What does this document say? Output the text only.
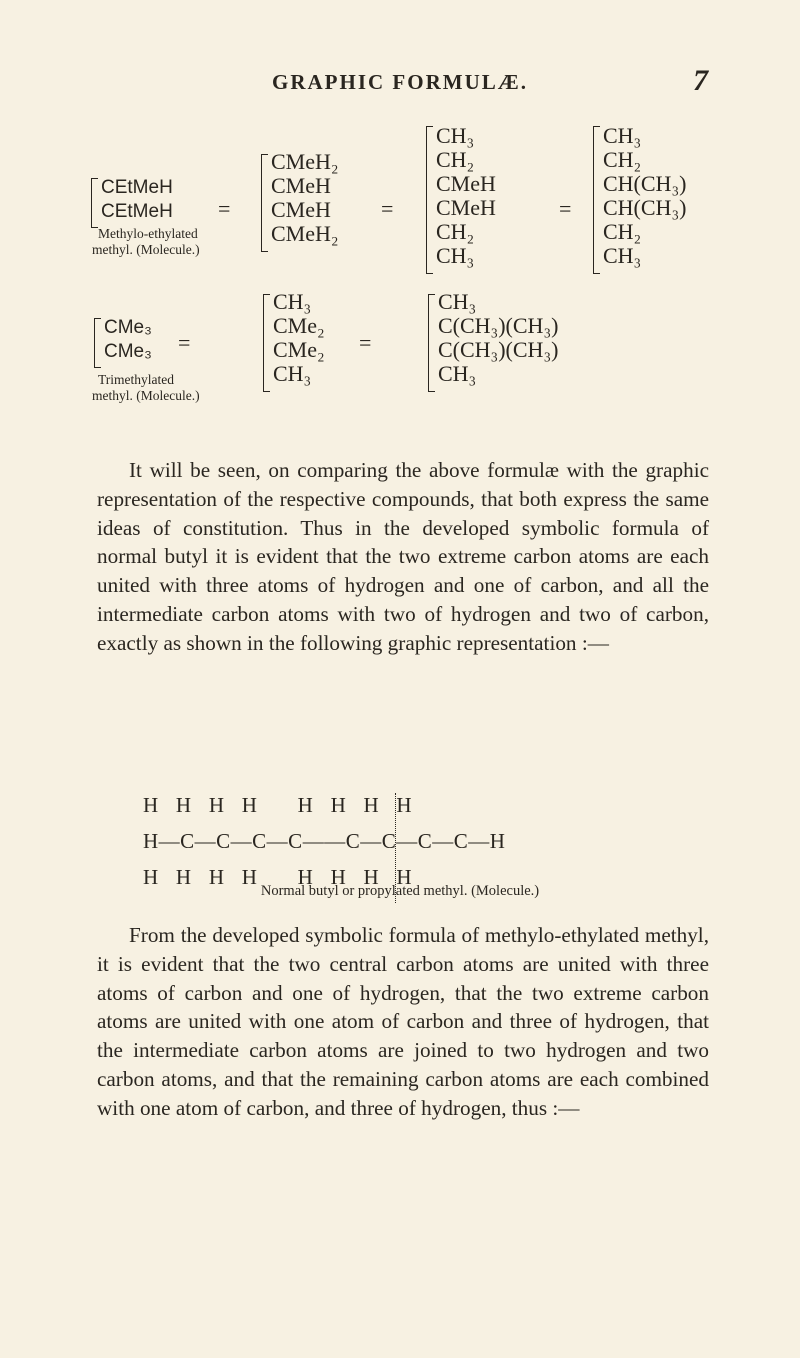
GRAPHIC FORMULÆ.	7
CEtMeH
CEtMeH
Methylo-ethylated
methyl. (Molecule.)
=
CMeH₂
CMeH
CMeH
CMeH₂
=
CH₃
CH₂
CMeH
CMeH
CH₂
CH₃
=
CH₃
CH₂
CH(CH₃)
CH(CH₃)
CH₂
CH₃
CMe₃
CMe₃
Trimethylated
methyl. (Molecule.)
=
CH₃
CMe₂
CMe₂
CH₃
=
CH₃
C(CH₃)(CH₃)
C(CH₃)(CH₃)
CH₃

It will be seen, on comparing the above formulæ with the graphic representation of the respective compounds, that both express the same ideas of constitution. Thus in the developed symbolic formula of normal butyl it is evident that the two extreme carbon atoms are each united with three atoms of hydrogen and one of carbon, and all the intermediate carbon atoms with two of hydrogen and two of carbon, exactly as shown in the following graphic representation :—

H   H   H   H       H   H   H   H
H—C—C—C—C——C—C—C—C—H
H   H   H   H       H   H   H   H
Normal butyl or propylated methyl. (Molecule.)

From the developed symbolic formula of methylo-ethylated methyl, it is evident that the two central carbon atoms are united with three atoms of carbon and one of hydrogen, that the two extreme carbon atoms are united with one atom of carbon and three of hydrogen, that the intermediate carbon atoms are joined to two hydrogen and two carbon atoms, and that the remaining carbon atoms are each combined with one atom of carbon, and three of hydrogen, thus :—
